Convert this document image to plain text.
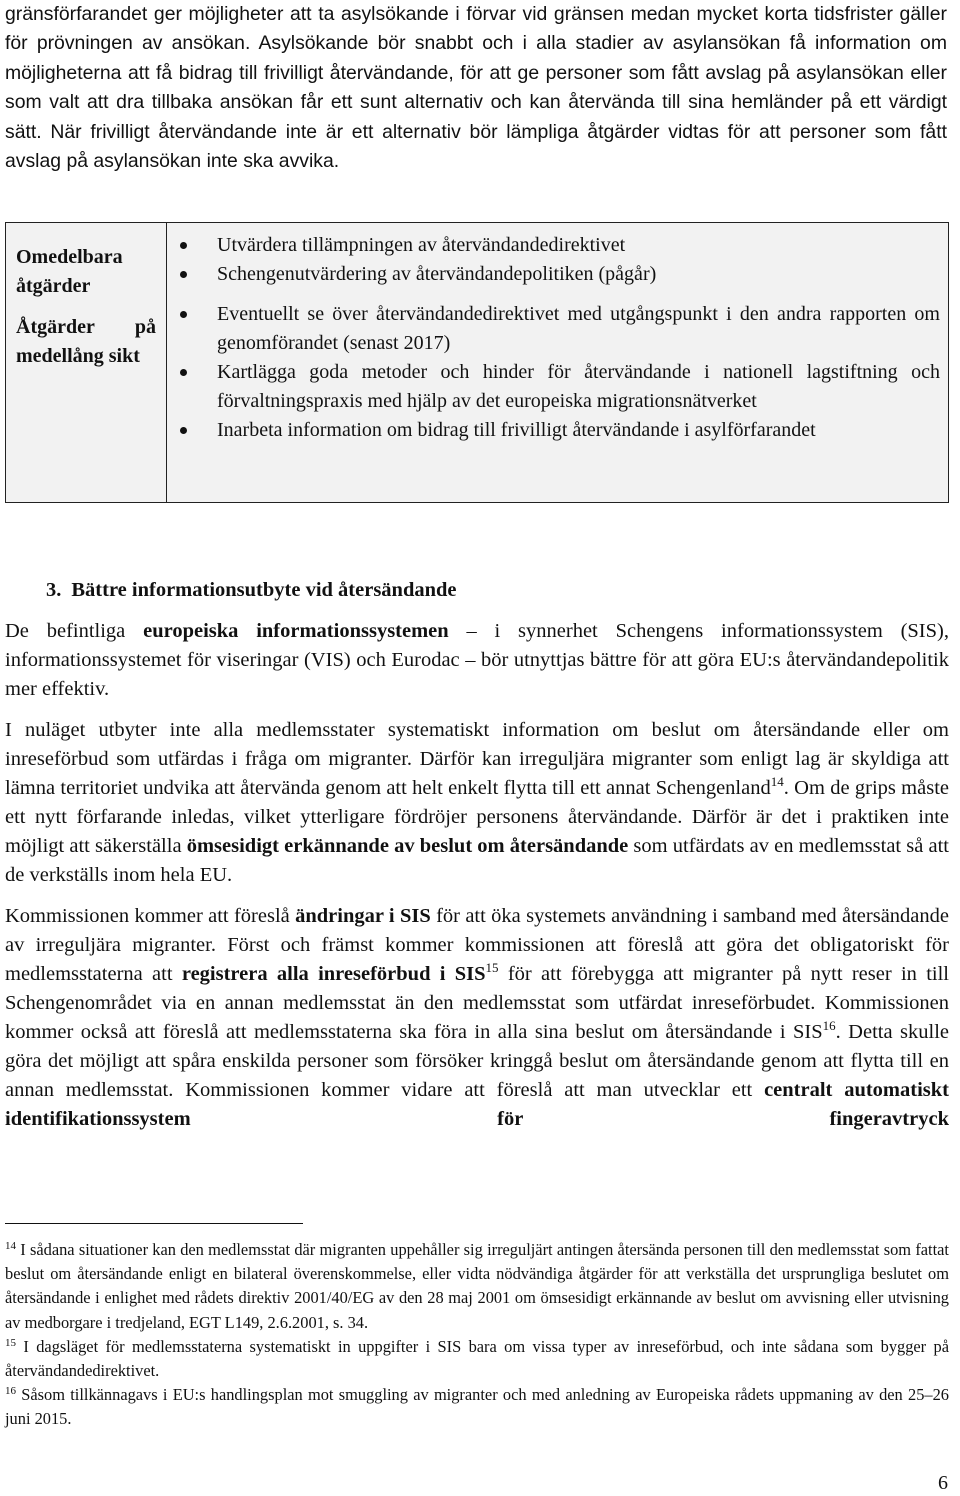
gränsförfarandet ger möjligheter att ta asylsökande i förvar vid gränsen medan mycket korta tidsfrister gäller för prövningen av ansökan. Asylsökande bör snabbt och i alla stadier av asylansökan få information om möjligheterna att få bidrag till frivilligt återvändande, för att ge personer som fått avslag på asylansökan eller som valt att dra tillbaka ansökan får ett sunt alternativ och kan återvända till sina hemländer på ett värdigt sätt. När frivilligt återvändande inte är ett alternativ bör lämpliga åtgärder vidtas för att personer som fått avslag på asylansökan inte ska avvika.

Omedelbara åtgärder
Åtgärder på medellång sikt
Utvärdera tillämpningen av återvändandedirektivet
Schengenutvärdering av återvändandepolitiken (pågår)
Eventuellt se över återvändandedirektivet med utgångspunkt i den andra rapporten om genomförandet (senast 2017)
Kartlägga goda metoder och hinder för återvändande i nationell lagstiftning och förvaltningspraxis med hjälp av det europeiska migrationsnätverket
Inarbeta information om bidrag till frivilligt återvändande i asylförfarandet
3. Bättre informationsutbyte vid återsändande

De befintliga europeiska informationssystemen – i synnerhet Schengens informationssystem (SIS), informationssystemet för viseringar (VIS) och Eurodac – bör utnyttjas bättre för att göra EU:s återvändandepolitik mer effektiv.

I nuläget utbyter inte alla medlemsstater systematiskt information om beslut om återsändande eller om inreseförbud som utfärdas i fråga om migranter. Därför kan irreguljära migranter som enligt lag är skyldiga att lämna territoriet undvika att återvända genom att helt enkelt flytta till ett annat Schengenland$^{14}$. Om de grips måste ett nytt förfarande inledas, vilket ytterligare fördröjer personens återvändande. Därför är det i praktiken inte möjligt att säkerställa ömsesidigt erkännande av beslut om återsändande som utfärdats av en medlemsstat så att de verkställs inom hela EU.

Kommissionen kommer att föreslå ändringar i SIS för att öka systemets användning i samband med återsändande av irreguljära migranter. Först och främst kommer kommissionen att föreslå att göra det obligatoriskt för medlemsstaterna att registrera alla inreseförbud i SIS$^{15}$ för att förebygga att migranter på nytt reser in till Schengenområdet via en annan medlemsstat än den medlemsstat som utfärdat inreseförbudet. Kommissionen kommer också att föreslå att medlemsstaterna ska föra in alla sina beslut om återsändande i SIS$^{16}$. Detta skulle göra det möjligt att spåra enskilda personer som försöker kringgå beslut om återsändande genom att flytta till en annan medlemsstat. Kommissionen kommer vidare att föreslå att man utvecklar ett centralt automatiskt identifikationssystem för fingeravtryck

$^{14}$ I sådana situationer kan den medlemsstat där migranten uppehåller sig irreguljärt antingen återsända personen till den medlemsstat som fattat beslut om återsändande enligt en bilateral överenskommelse, eller vidta nödvändiga åtgärder för att verkställa det ursprungliga beslutet om återsändande i enlighet med rådets direktiv 2001/40/EG av den 28 maj 2001 om ömsesidigt erkännande av beslut om avvisning eller utvisning av medborgare i tredjeland, EGT L149, 2.6.2001, s. 34.

$^{15}$ I dagsläget för medlemsstaterna systematiskt in uppgifter i SIS bara om vissa typer av inreseförbud, och inte sådana som bygger på återvändandedirektivet.

$^{16}$ Såsom tillkännagavs i EU:s handlingsplan mot smuggling av migranter och med anledning av Europeiska rådets uppmaning av den 25–26 juni 2015.

6
